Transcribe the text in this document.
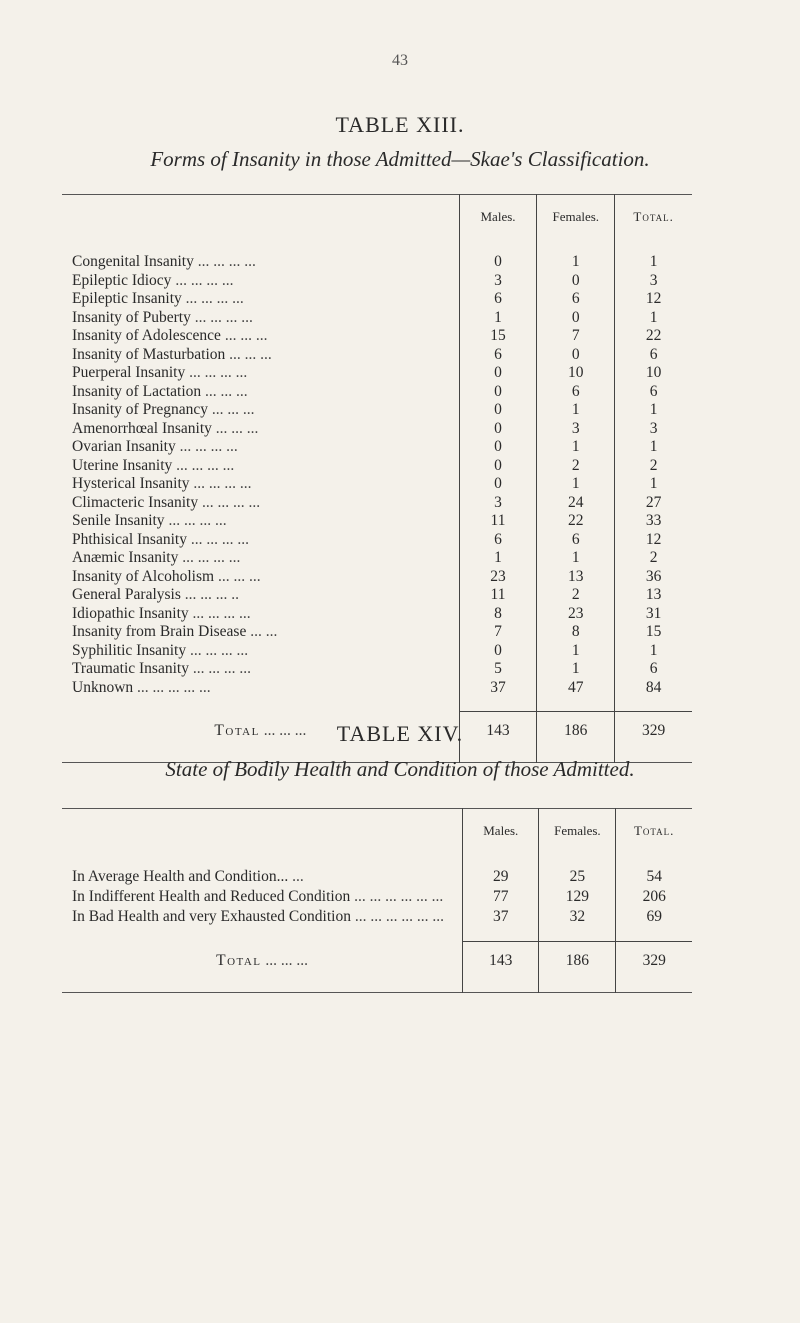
43
TABLE XIII.
Forms of Insanity in those Admitted—Skae's Classification.
	Males.	Females.	Total.

Congenital Insanity ... ... ... ...	0	1	1
Epileptic Idiocy ... ... ... ...	3	0	3
Epileptic Insanity ... ... ... ...	6	6	12
Insanity of Puberty ... ... ... ...	1	0	1
Insanity of Adolescence ... ... ...	15	7	22
Insanity of Masturbation ... ... ...	6	0	6
Puerperal Insanity ... ... ... ...	0	10	10
Insanity of Lactation ... ... ...	0	6	6
Insanity of Pregnancy ... ... ...	0	1	1
Amenorrhœal Insanity ... ... ...	0	3	3
Ovarian Insanity ... ... ... ...	0	1	1
Uterine Insanity ... ... ... ...	0	2	2
Hysterical Insanity ... ... ... ...	0	1	1
Climacteric Insanity ... ... ... ...	3	24	27
Senile Insanity ... ... ... ...	11	22	33
Phthisical Insanity ... ... ... ...	6	6	12
Anæmic Insanity ... ... ... ...	1	1	2
Insanity of Alcoholism ... ... ...	23	13	36
General Paralysis ... ... ... ..	11	2	13
Idiopathic Insanity ... ... ... ...	8	23	31
Insanity from Brain Disease ... ...	7	8	15
Syphilitic Insanity ... ... ... ...	0	1	1
Traumatic Insanity ... ... ... ...	5	1	6
Unknown ... ... ... ... ...	37	47	84

Total ... ... ...	143	186	329

TABLE XIV.
State of Bodily Health and Condition of those Admitted.
	Males.	Females.	Total.

In Average Health and Condition... ...	29	25	54
In Indifferent Health and Reduced Condition ... ... ... ... ... ...	77	129	206
In Bad Health and very Exhausted Condition ... ... ... ... ... ...	37	32	69

Total ... ... ...	143	186	329
